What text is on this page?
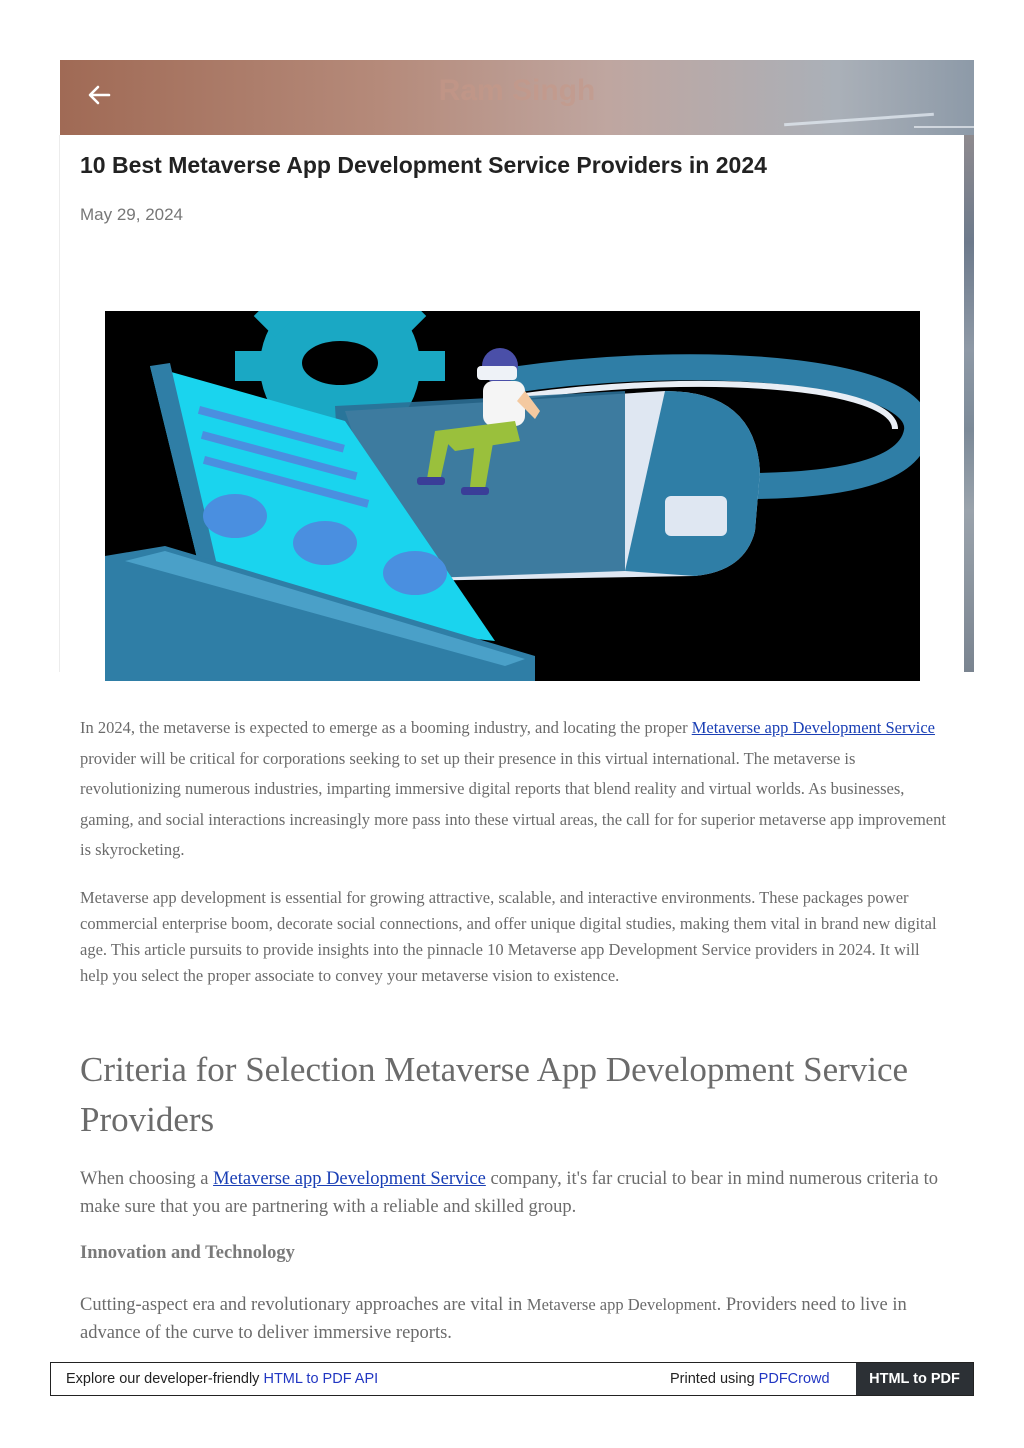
Ram Singh
10 Best Metaverse App Development Service Providers in 2024
May 29, 2024

In 2024, the metaverse is expected to emerge as a booming industry, and locating the proper Metaverse app Development Service provider will be critical for corporations seeking to set up their presence in this virtual international. The metaverse is revolutionizing numerous industries, imparting immersive digital reports that blend reality and virtual worlds. As businesses, gaming, and social interactions increasingly more pass into these virtual areas, the call for for superior metaverse app improvement is skyrocketing.

Metaverse app development is essential for growing attractive, scalable, and interactive environments. These packages power commercial enterprise boom, decorate social connections, and offer unique digital studies, making them vital in brand new digital age. This article pursuits to provide insights into the pinnacle 10 Metaverse app Development Service providers in 2024. It will help you select the proper associate to convey your metaverse vision to existence.

Criteria for Selection Metaverse App Development Service Providers

When choosing a Metaverse app Development Service company, it's far crucial to bear in mind numerous criteria to make sure that you are partnering with a reliable and skilled group.

Innovation and Technology

Cutting-aspect era and revolutionary approaches are vital in Metaverse app Development. Providers need to live in advance of the curve to deliver immersive reports.

Explore our developer-friendly HTML to PDF API	Printed using PDFCrowd	HTML to PDF
